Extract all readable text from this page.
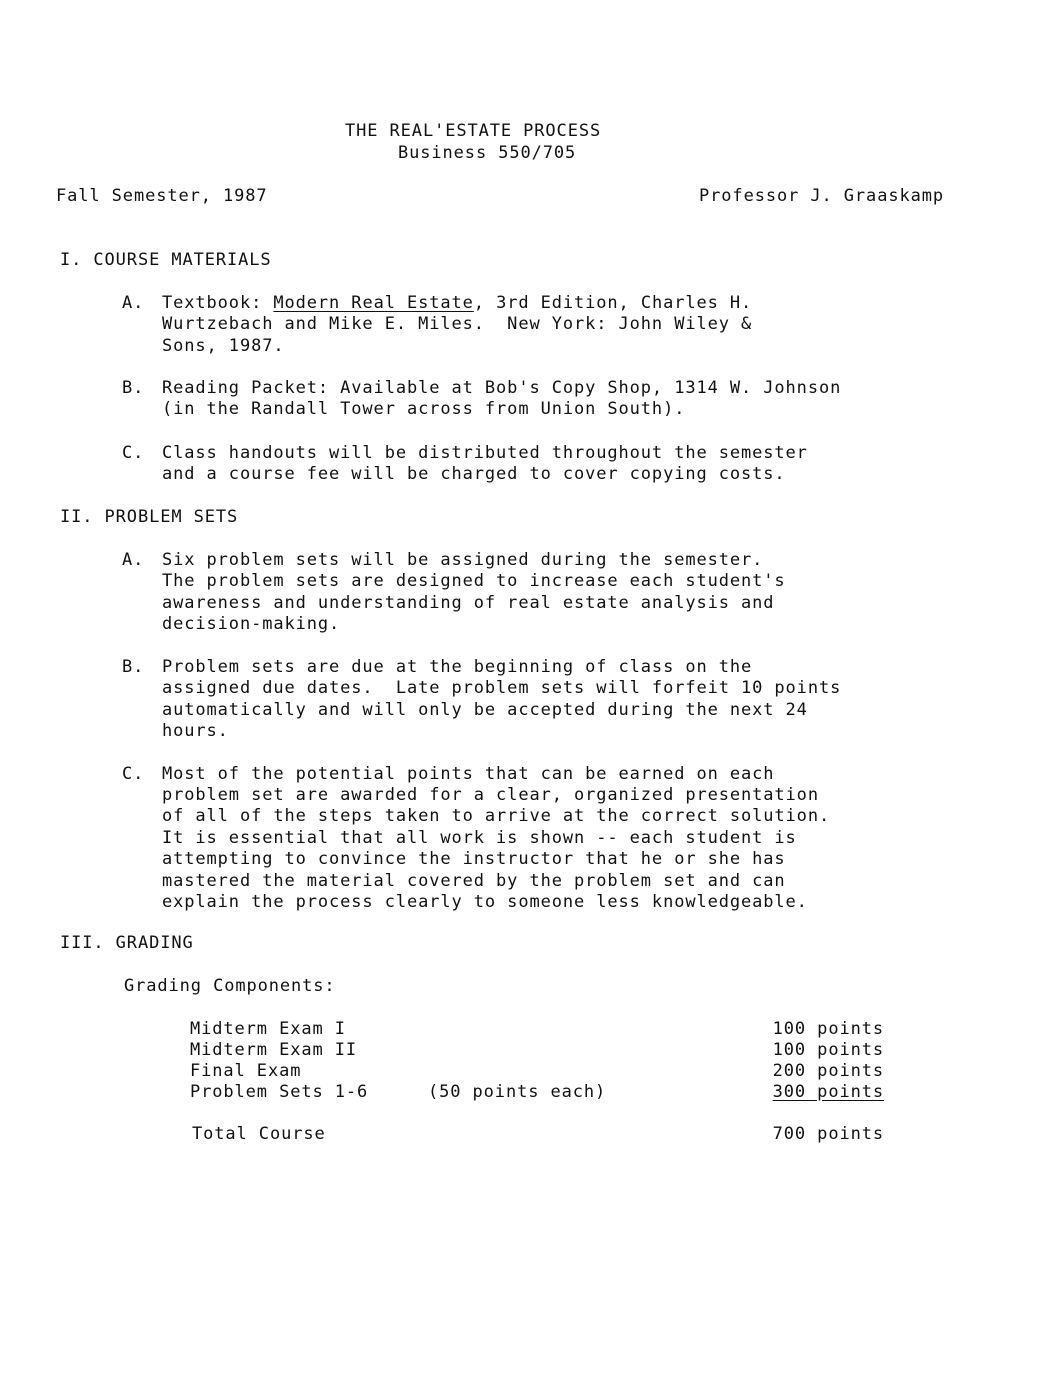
THE REAL'ESTATE PROCESS
Business 550/705
Fall Semester, 1987	Professor J. Graaskamp
I. COURSE MATERIALS
A. Textbook: Modern Real Estate, 3rd Edition, Charles H.
Wurtzebach and Mike E. Miles.  New York: John Wiley &
Sons, 1987.
B. Reading Packet: Available at Bob's Copy Shop, 1314 W. Johnson
(in the Randall Tower across from Union South).
C. Class handouts will be distributed throughout the semester
and a course fee will be charged to cover copying costs.
II. PROBLEM SETS
A. Six problem sets will be assigned during the semester.
The problem sets are designed to increase each student's
awareness and understanding of real estate analysis and
decision-making.
B. Problem sets are due at the beginning of class on the
assigned due dates.  Late problem sets will forfeit 10 points
automatically and will only be accepted during the next 24
hours.
C. Most of the potential points that can be earned on each
problem set are awarded for a clear, organized presentation
of all of the steps taken to arrive at the correct solution.
It is essential that all work is shown -- each student is
attempting to convince the instructor that he or she has
mastered the material covered by the problem set and can
explain the process clearly to someone less knowledgeable.
III. GRADING
Grading Components:
Midterm Exam I	100 points
Midterm Exam II	100 points
Final Exam	200 points
Problem Sets 1-6	(50 points each)	300 points
Total Course	700 points
